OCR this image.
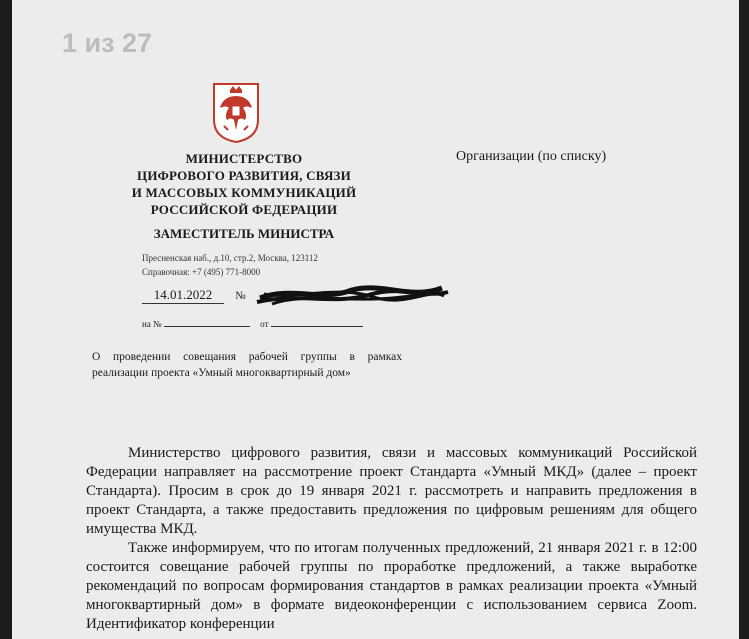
1 из 27
МИНИСТЕРСТВО
ЦИФРОВОГО РАЗВИТИЯ, СВЯЗИ
И МАССОВЫХ КОММУНИКАЦИЙ
РОССИЙСКОЙ ФЕДЕРАЦИИ
ЗАМЕСТИТЕЛЬ МИНИСТРА
Пресненская наб., д.10, стр.2, Москва, 123112
Справочная: +7 (495) 771-8000
Организации (по списку)
14.01.2022 №
на №	от
О проведении совещания рабочей группы в рамках реализации проекта «Умный многоквартирный дом»

Министерство цифрового развития, связи и массовых коммуникаций Российской Федерации направляет на рассмотрение проект Стандарта «Умный МКД» (далее – проект Стандарта). Просим в срок до 19 января 2021 г. рассмотреть и направить предложения в проект Стандарта, а также предоставить предложения по цифровым решениям для общего имущества МКД.

Также информируем, что по итогам полученных предложений, 21 января 2021 г. в 12:00 состоится совещание рабочей группы по проработке предложений, а также выработке рекомендаций по вопросам формирования стандартов в рамках реализации проекта «Умный многоквартирный дом» в формате видеоконференции с использованием сервиса Zoom. Идентификатор конференции
